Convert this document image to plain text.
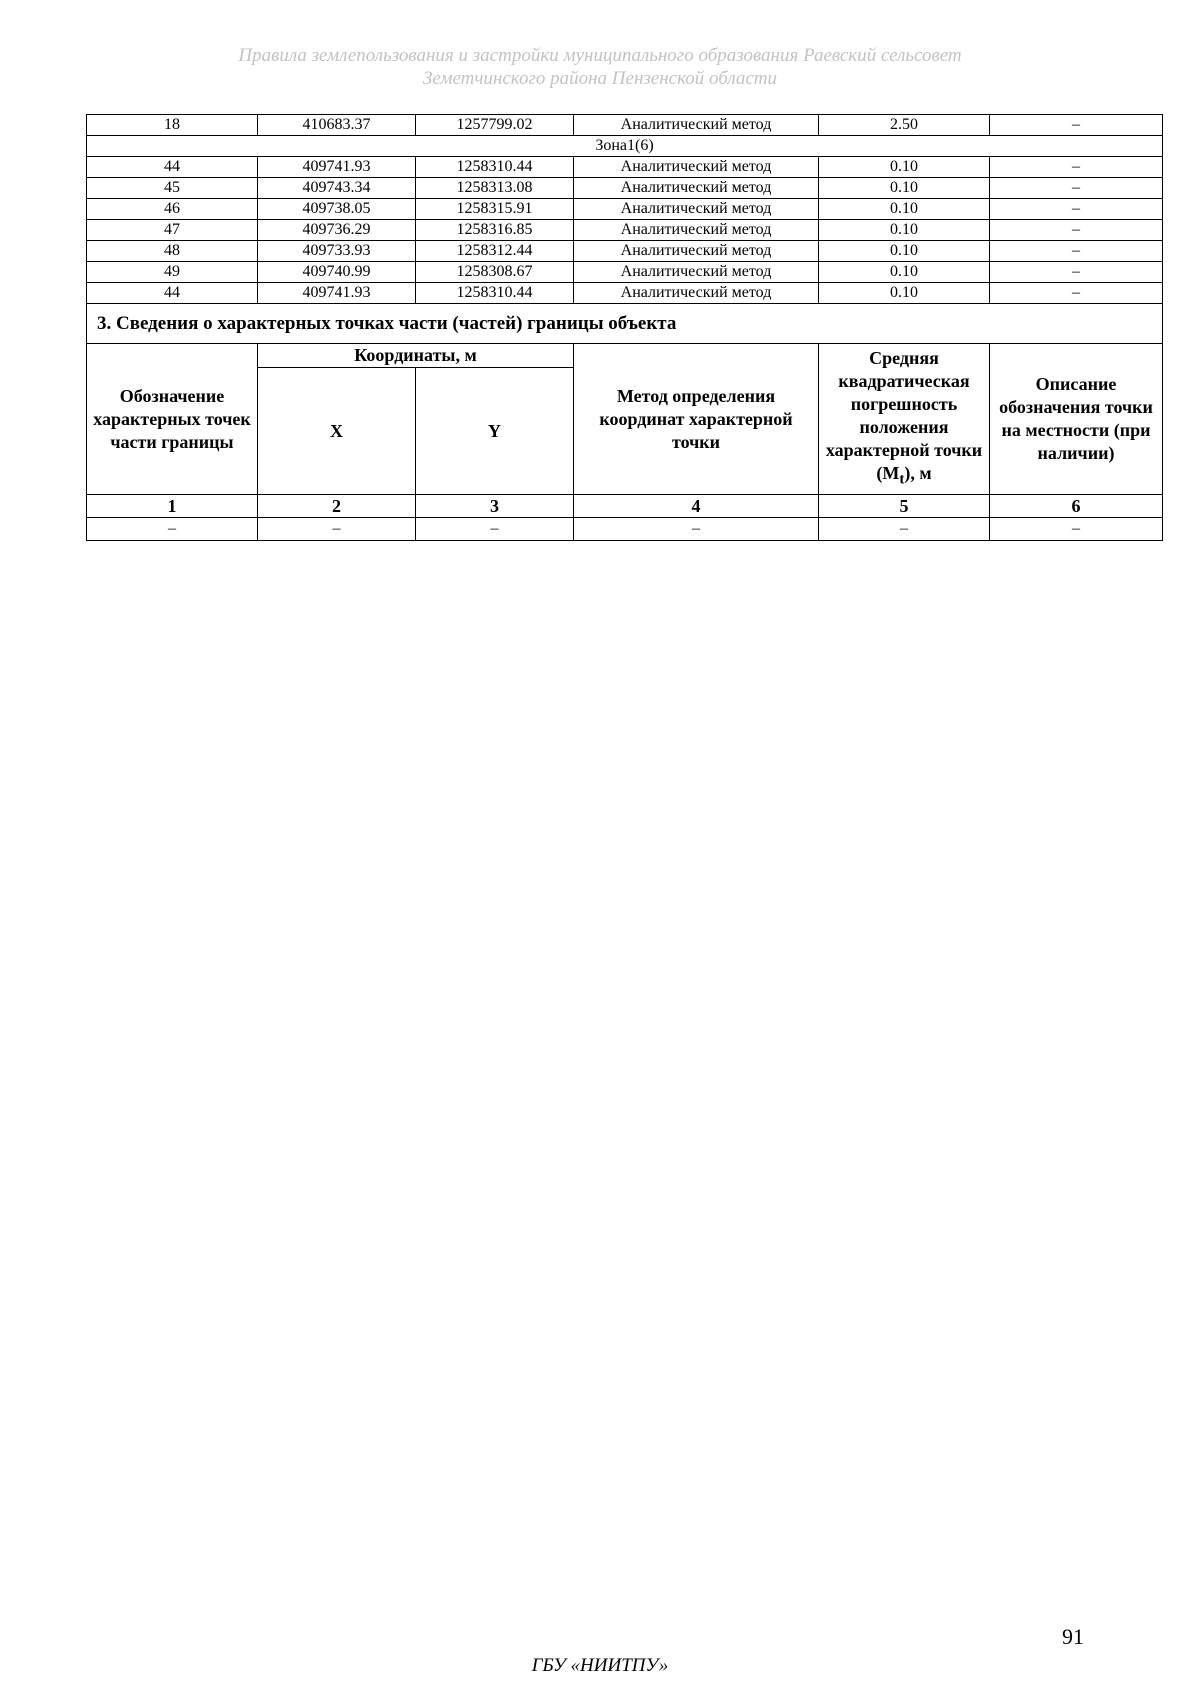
Правила землепользования и застройки муниципального образования Раевский сельсовет
Земетчинского района Пензенской области
18	410683.37	1257799.02	Аналитический метод	2.50	–
Зона1(6)					
44	409741.93	1258310.44	Аналитический метод	0.10	–
45	409743.34	1258313.08	Аналитический метод	0.10	–
46	409738.05	1258315.91	Аналитический метод	0.10	–
47	409736.29	1258316.85	Аналитический метод	0.10	–
48	409733.93	1258312.44	Аналитический метод	0.10	–
49	409740.99	1258308.67	Аналитический метод	0.10	–
44	409741.93	1258310.44	Аналитический метод	0.10	–
3. Сведения о характерных точках части (частей) границы объекта					
Обозначение характерных точек части границы	Координаты, м		Метод определения координат характерной точки	Средняя квадратическая погрешность положения характерной точки $(M_t)$, м	Описание обозначения точки на местности (при наличии)
	X	Y			
1	2	3	4	5	6
–	–	–	–	–	–
91
ГБУ «НИИТПУ»
